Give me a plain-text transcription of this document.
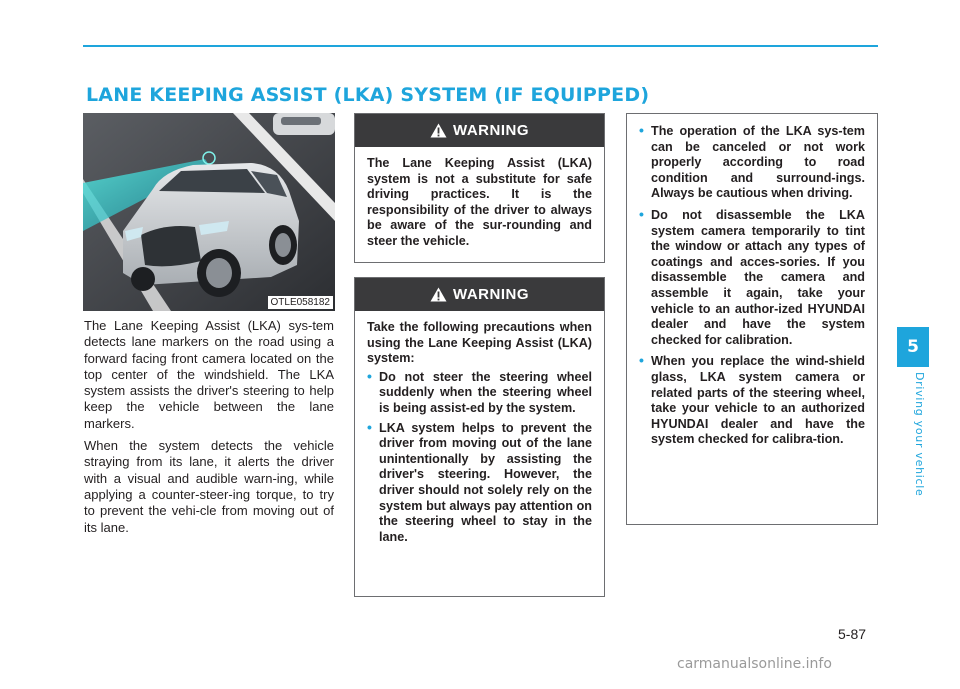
LANE KEEPING ASSIST (LKA) SYSTEM (IF EQUIPPED)
OTLE058182

The Lane Keeping Assist (LKA) sys-tem detects lane markers on the road using a forward facing front camera located on the top center of the windshield. The LKA system assists the driver's steering to help keep the vehicle between the lane markers.

When the system detects the vehicle straying from its lane, it alerts the driver with a visual and audible warn-ing, while applying a counter-steer-ing torque, to try to prevent the vehi-cle from moving out of its lane.

WARNING

The Lane Keeping Assist (LKA) system is not a substitute for safe driving practices. It is the responsibility of the driver to always be aware of the sur-rounding and steer the vehicle.

WARNING

Take the following precautions when using the Lane Keeping Assist (LKA) system:

• Do not steer the steering wheel suddenly when the steering wheel is being assist-ed by the system.
• LKA system helps to prevent the driver from moving out of the lane unintentionally by assisting the driver's steering. However, the driver should not solely rely on the system but always pay attention on the steering wheel to stay in the lane.
• The operation of the LKA sys-tem can be canceled or not work properly according to road condition and surround-ings. Always be cautious when driving.
• Do not disassemble the LKA system camera temporarily to tint the window or attach any types of coatings and acces-sories. If you disassemble the camera and assemble it again, take your vehicle to an author-ized HYUNDAI dealer and have the system checked for calibration.
• When you replace the wind-shield glass, LKA system camera or related parts of the steering wheel, take your vehicle to an authorized HYUNDAI dealer and have the system checked for calibra-tion.
5
Driving your vehicle
5-87
carmanualsonline.info
